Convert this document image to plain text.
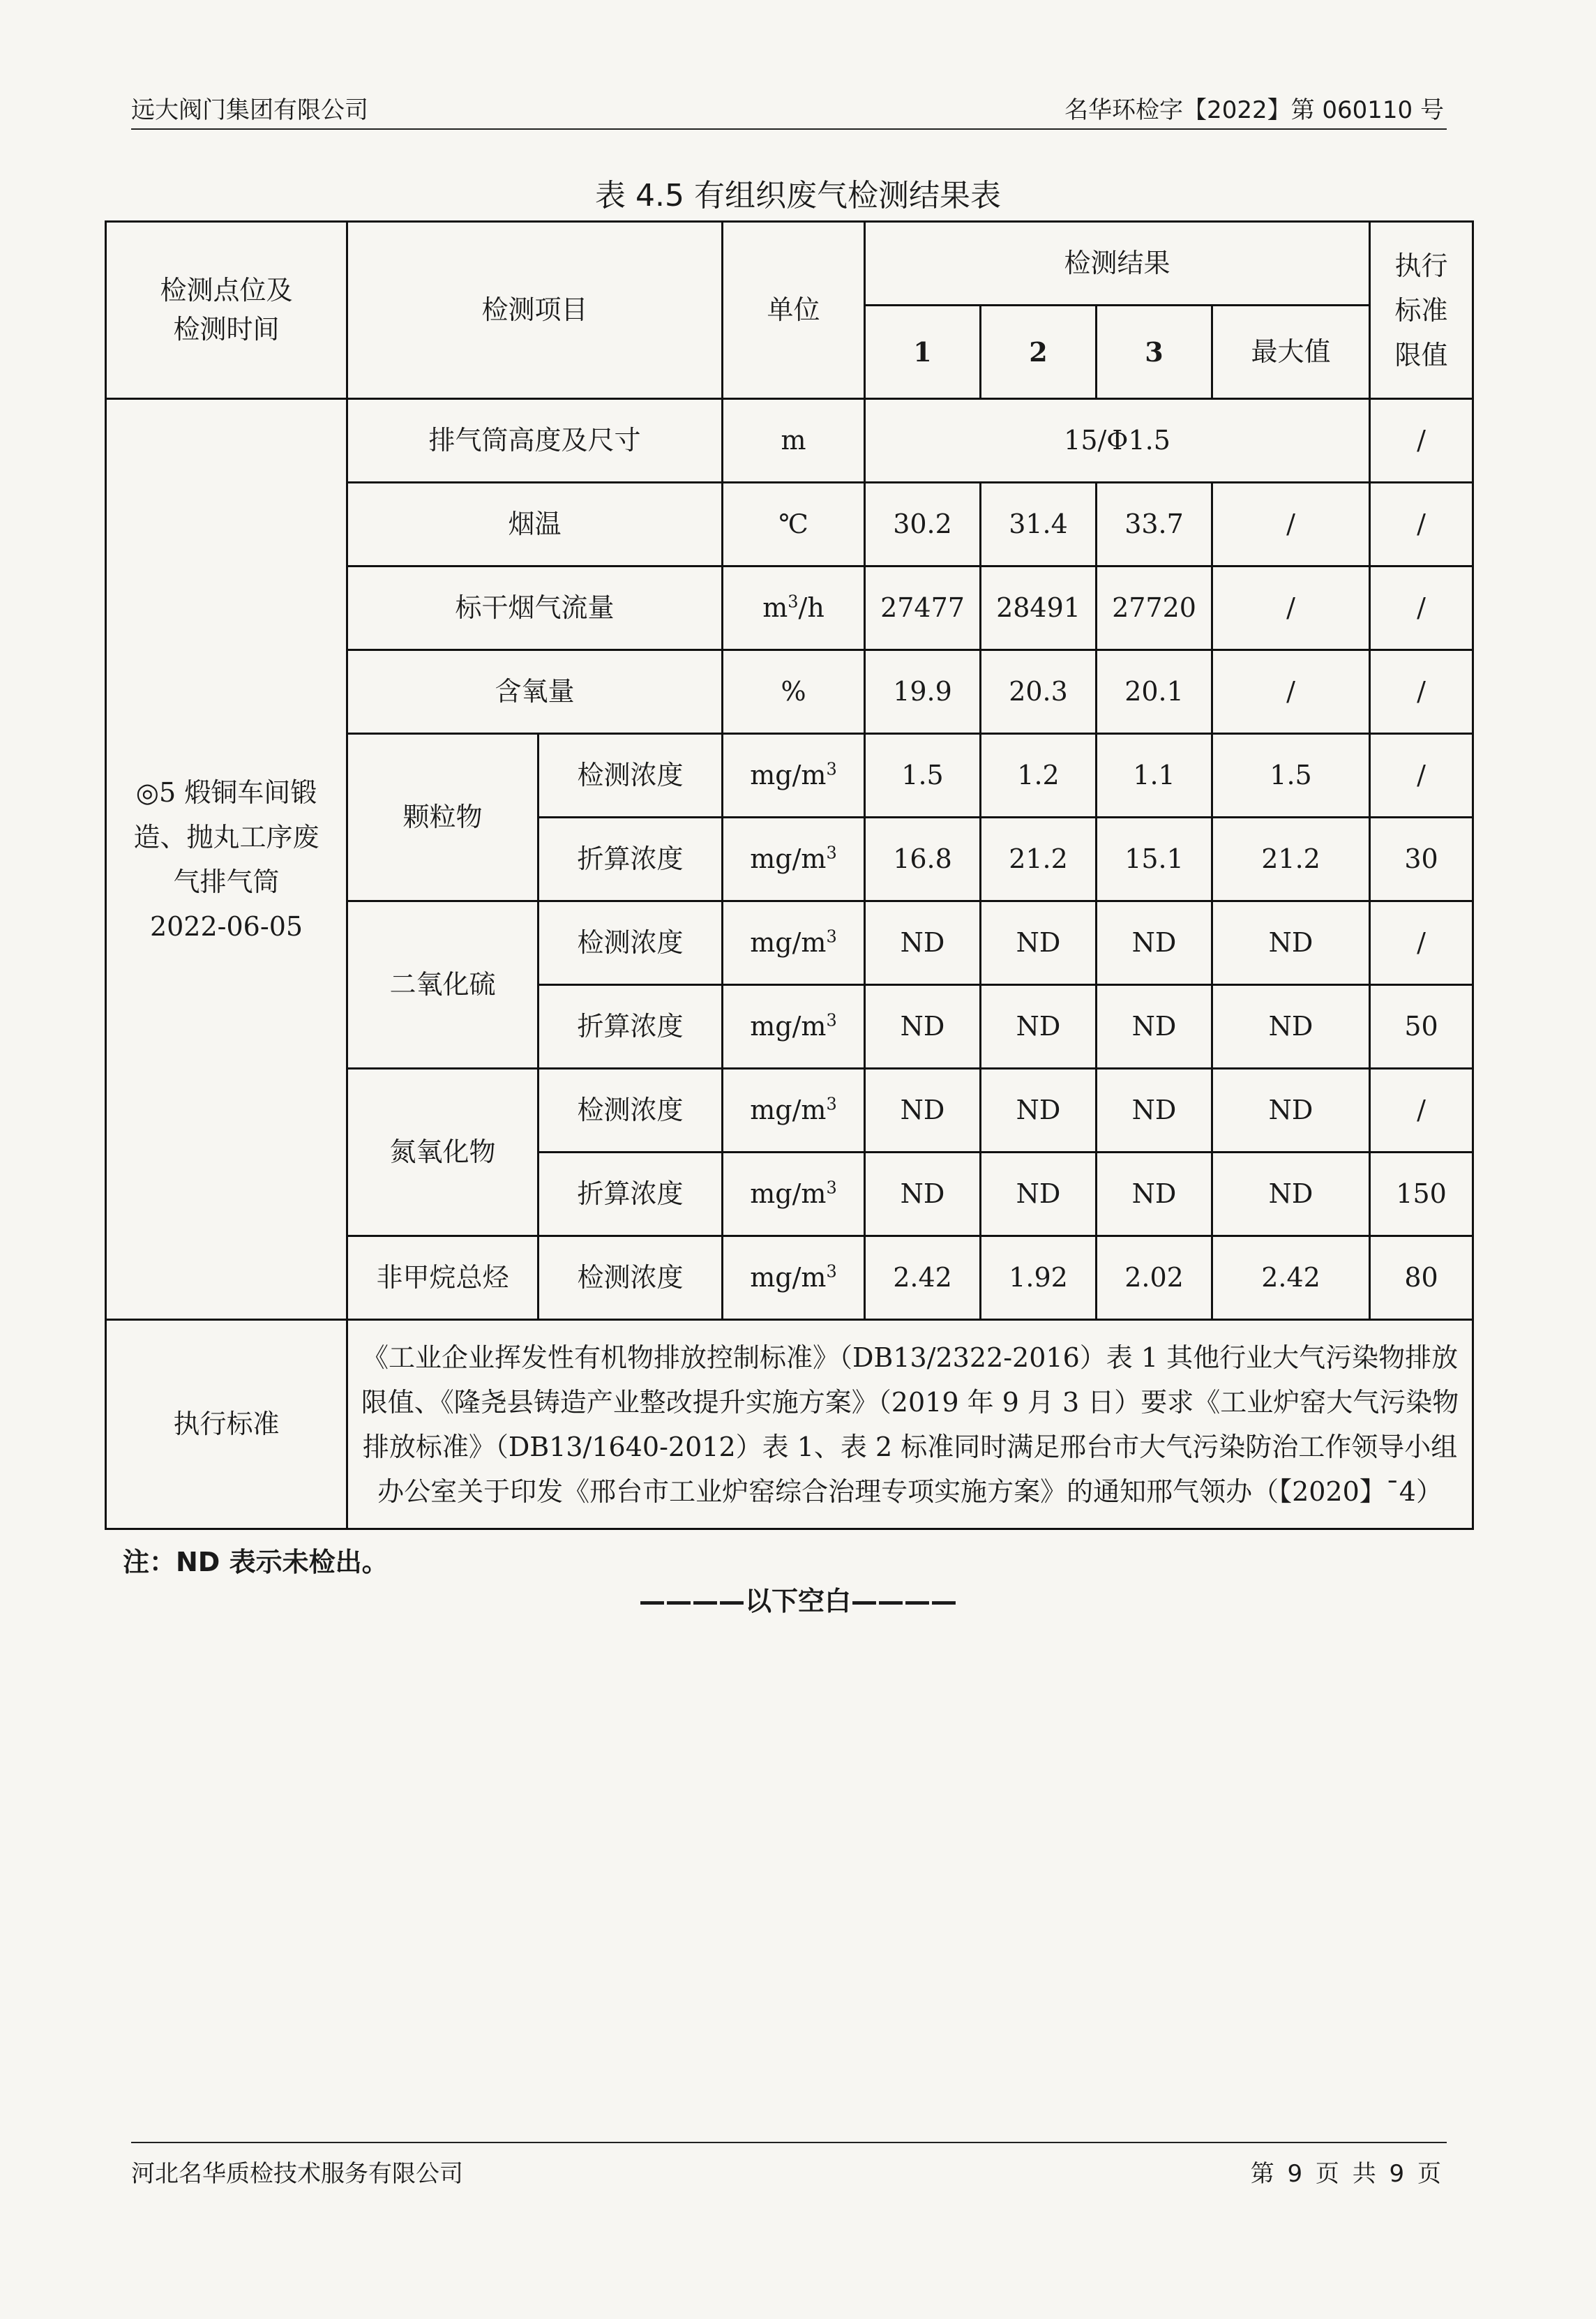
远大阀门集团有限公司	名华环检字【2022】第 060110 号
表 4.5 有组织废气检测结果表
检测点位及检测时间	检测项目		单位	检测结果				执行标准限值
				1	2	3	最大值	

◎5 煅铜车间锻造、抛丸工序废气排气筒
2022-06-05	排气筒高度及尺寸		m	15/Φ1.5				/
	烟温		℃	30.2	31.4	33.7	/	/
	标干烟气流量		$m^3/h$	27477	28491	27720	/	/
	含氧量		%	19.9	20.3	20.1	/	/
	颗粒物	检测浓度	$mg/m^3$	1.5	1.2	1.1	1.5	/
		折算浓度	$mg/m^3$	16.8	21.2	15.1	21.2	30
	二氧化硫	检测浓度	$mg/m^3$	ND	ND	ND	ND	/
		折算浓度	$mg/m^3$	ND	ND	ND	ND	50
	氮氧化物	检测浓度	$mg/m^3$	ND	ND	ND	ND	/
		折算浓度	$mg/m^3$	ND	ND	ND	ND	150
	非甲烷总烃	检测浓度	$mg/m^3$	2.42	1.92	2.02	2.42	80
执行标准	《工业企业挥发性有机物排放控制标准》（DB13/2322-2016）表 1 其他行业大气污染物排放限值、《隆尧县铸造产业整改提升实施方案》（2019 年 9 月 3 日）要求《工业炉窑大气污染物排放标准》（DB13/1640-2012）表 1、表 2 标准同时满足邢台市大气污染防治工作领导小组办公室关于印发《邢台市工业炉窑综合治理专项实施方案》的通知邢气领办（【2020】¯4）							
注：ND 表示未检出。
————以下空白————
河北名华质检技术服务有限公司	第 9 页 共 9 页
